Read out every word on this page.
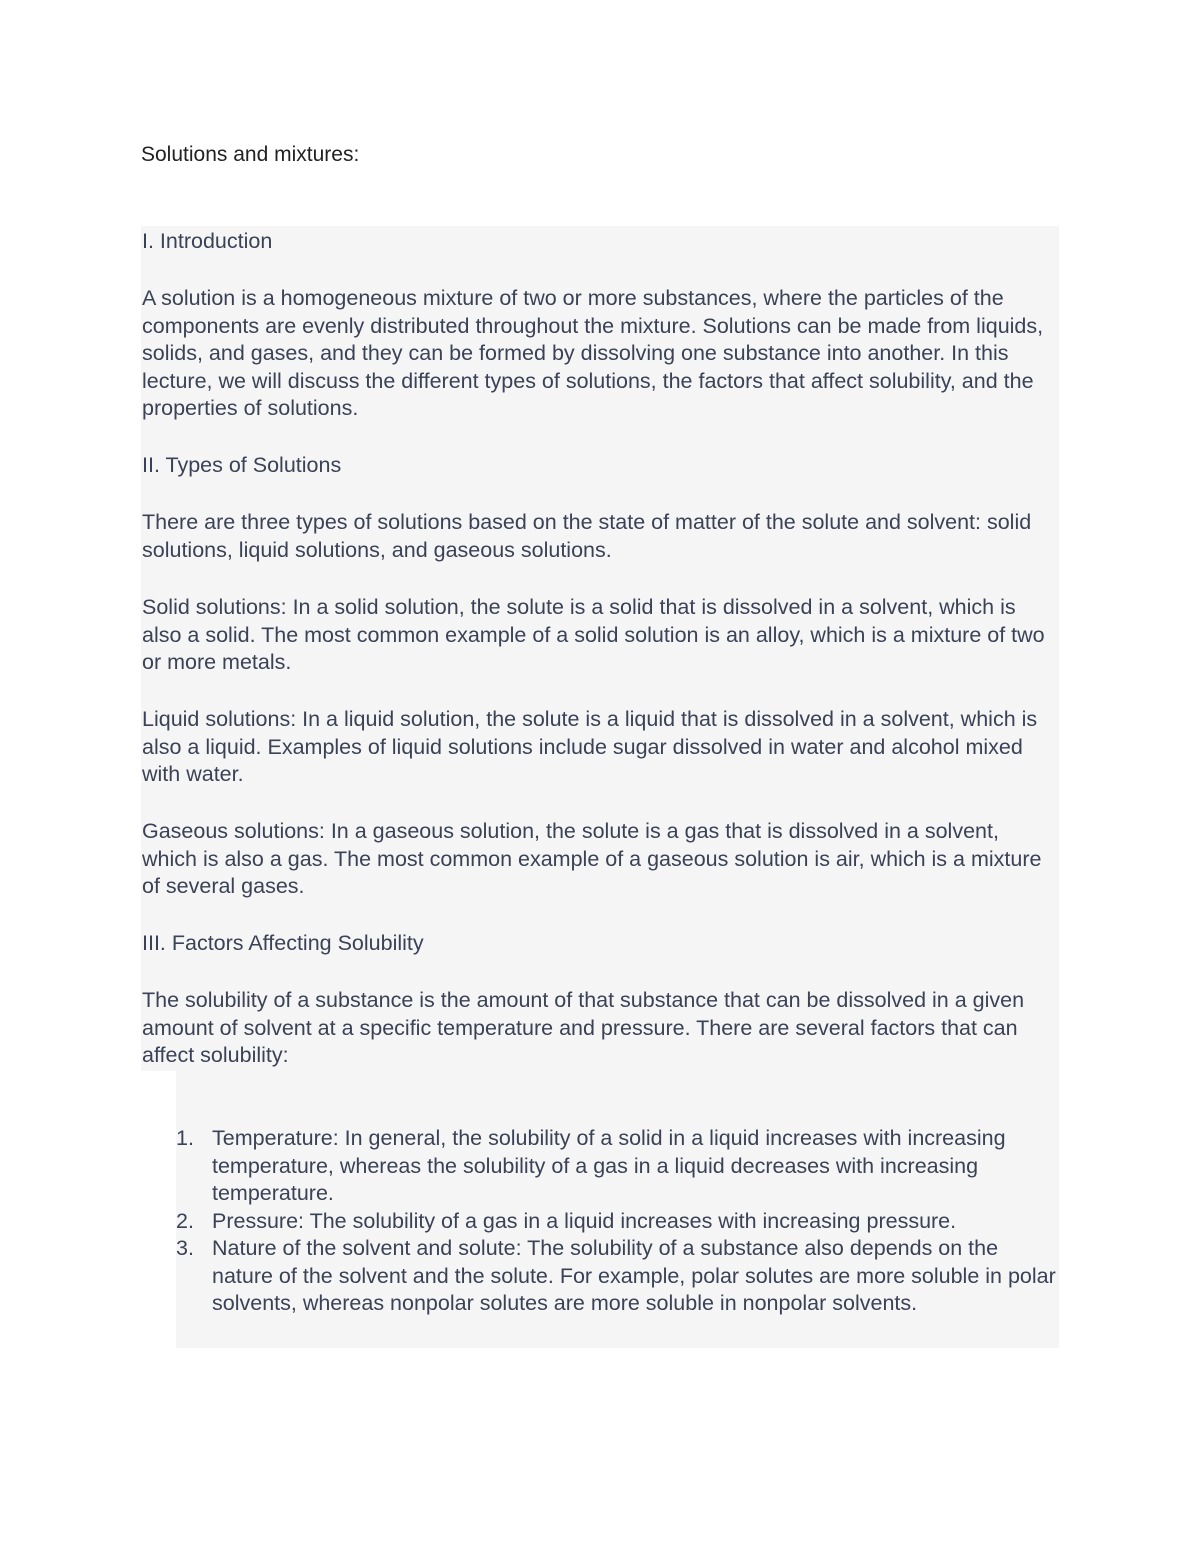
Solutions and mixtures:

I. Introduction

A solution is a homogeneous mixture of two or more substances, where the particles of the components are evenly distributed throughout the mixture. Solutions can be made from liquids, solids, and gases, and they can be formed by dissolving one substance into another. In this lecture, we will discuss the different types of solutions, the factors that affect solubility, and the properties of solutions.

II. Types of Solutions

There are three types of solutions based on the state of matter of the solute and solvent: solid solutions, liquid solutions, and gaseous solutions.

Solid solutions: In a solid solution, the solute is a solid that is dissolved in a solvent, which is also a solid. The most common example of a solid solution is an alloy, which is a mixture of two or more metals.

Liquid solutions: In a liquid solution, the solute is a liquid that is dissolved in a solvent, which is also a liquid. Examples of liquid solutions include sugar dissolved in water and alcohol mixed with water.

Gaseous solutions: In a gaseous solution, the solute is a gas that is dissolved in a solvent, which is also a gas. The most common example of a gaseous solution is air, which is a mixture of several gases.

III. Factors Affecting Solubility

The solubility of a substance is the amount of that substance that can be dissolved in a given amount of solvent at a specific temperature and pressure. There are several factors that can affect solubility:

1. Temperature: In general, the solubility of a solid in a liquid increases with increasing temperature, whereas the solubility of a gas in a liquid decreases with increasing temperature.
2. Pressure: The solubility of a gas in a liquid increases with increasing pressure.
3. Nature of the solvent and solute: The solubility of a substance also depends on the nature of the solvent and the solute. For example, polar solutes are more soluble in polar solvents, whereas nonpolar solutes are more soluble in nonpolar solvents.
